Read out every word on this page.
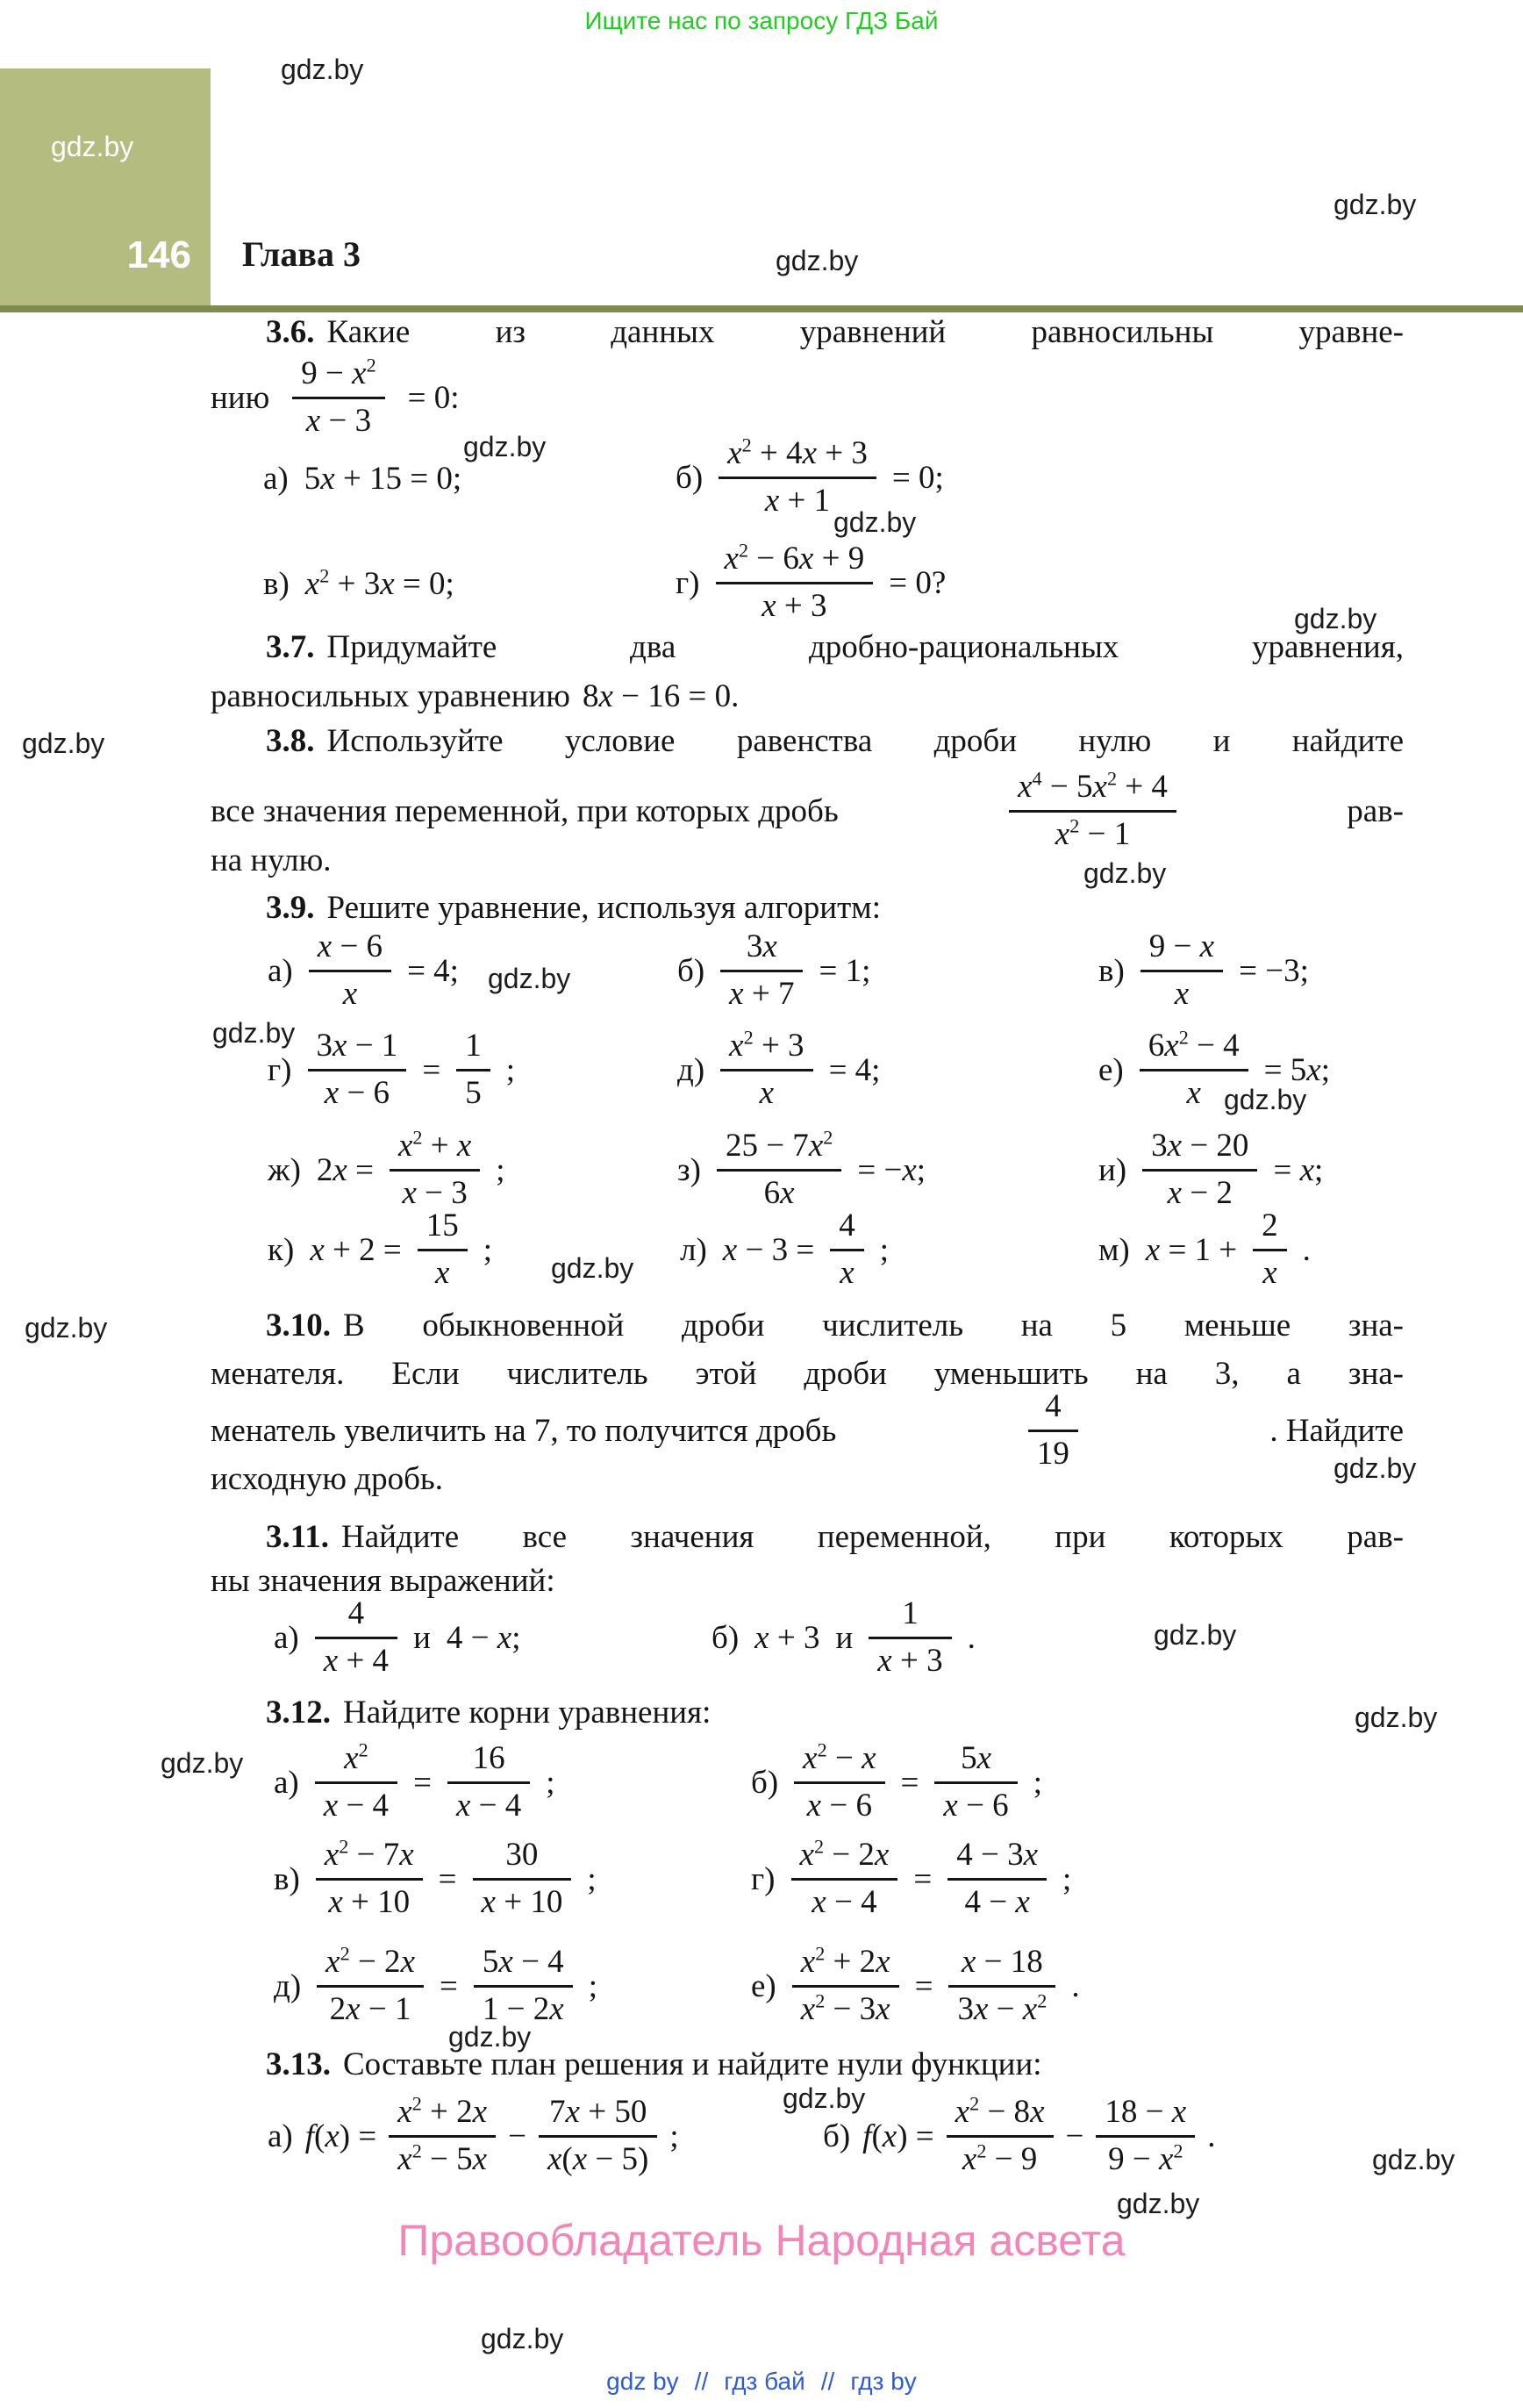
Ищите нас по запросу ГДЗ Бай
146 Глава 3
gdz.by
gdz.by
gdz.by
gdz.by
gdz.by
gdz.by
gdz.by
gdz.by
gdz.by
gdz.by
gdz.by
gdz.by
gdz.by
gdz.by
gdz.by
gdz.by
gdz.by
gdz.by
gdz.by
gdz.by
gdz.by
gdz.by
gdz.by
3.6. Какие из данных уравнений равносильны уравне-
нию $\frac{9 - x^2}{x - 3} = 0$:
а) 5x + 15 = 0;	$б) \frac{x^2 + 4x + 3}{x + 1} = 0$;
в) $x^2 + 3x = 0$;	$г) \frac{x^2 - 6x + 9}{x + 3} = 0$?
3.7. Придумайте два дробно-рациональных уравнения,
равносильных уравнению 8x − 16 = 0.
3.8. Используйте условие равенства дроби нулю и найдите
все значения переменной, при которых дробь	$\frac{x^4 - 5x^2 + 4}{x^2 - 1}$	рав-
на нулю.
3.9. Решите уравнение, используя алгоритм:
$а) \frac{x - 6}{x} = 4$;	$б) \frac{3x}{x + 7} = 1$;	$в) \frac{9 - x}{x} = -3$;
$г) \frac{3x - 1}{x - 6} = \frac{1}{5}$ ;	$д) \frac{x^2 + 3}{x} = 4$;	$е) \frac{6x^2 - 4}{x} = 5x$;
ж) $2x = \frac{x^2 + x}{x - 3}$ ;	$з) \frac{25 - 7x^2}{6x} = -x$;	$и) \frac{3x - 20}{x - 2} = x$;
к) $x + 2 = \frac{15}{x}$ ;	л) $x - 3 = \frac{4}{x}$ ;	м) $x = 1 + \frac{2}{x}$ .
3.10. В обыкновенной дроби числитель на 5 меньше зна-
менателя. Если числитель этой дроби уменьшить на 3, а зна-
менатель увеличить на 7, то получится дробь	$\frac{4}{19}$	. Найдите
исходную дробь.
3.11. Найдите все значения переменной, при которых рав-
ны значения выражений:
$а) \frac{4}{x + 4}$ и 4 − x;	б) x + 3 и $\frac{1}{x + 3}$ .
3.12. Найдите корни уравнения:
$а) \frac{x^2}{x - 4} = \frac{16}{x - 4}$ ;	$б) \frac{x^2 - x}{x - 6} = \frac{5x}{x - 6}$ ;
$в) \frac{x^2 - 7x}{x + 10} = \frac{30}{x + 10}$ ;	$г) \frac{x^2 - 2x}{x - 4} = \frac{4 - 3x}{4 - x}$ ;
$д) \frac{x^2 - 2x}{2x - 1} = \frac{5x - 4}{1 - 2x}$ ;	$е) \frac{x^2 + 2x}{x^2 - 3x} = \frac{x - 18}{3x - x^2}$ .
3.13. Составьте план решения и найдите нули функции:
а) $f(x) = \frac{x^2 + 2x}{x^2 - 5x} - \frac{7x + 50}{x(x - 5)}$ ;	б) $f(x) = \frac{x^2 - 8x}{x^2 - 9} - \frac{18 - x}{9 - x^2}$ .
Правообладатель Народная асвета
gdz by // гдз бай // гдз by
